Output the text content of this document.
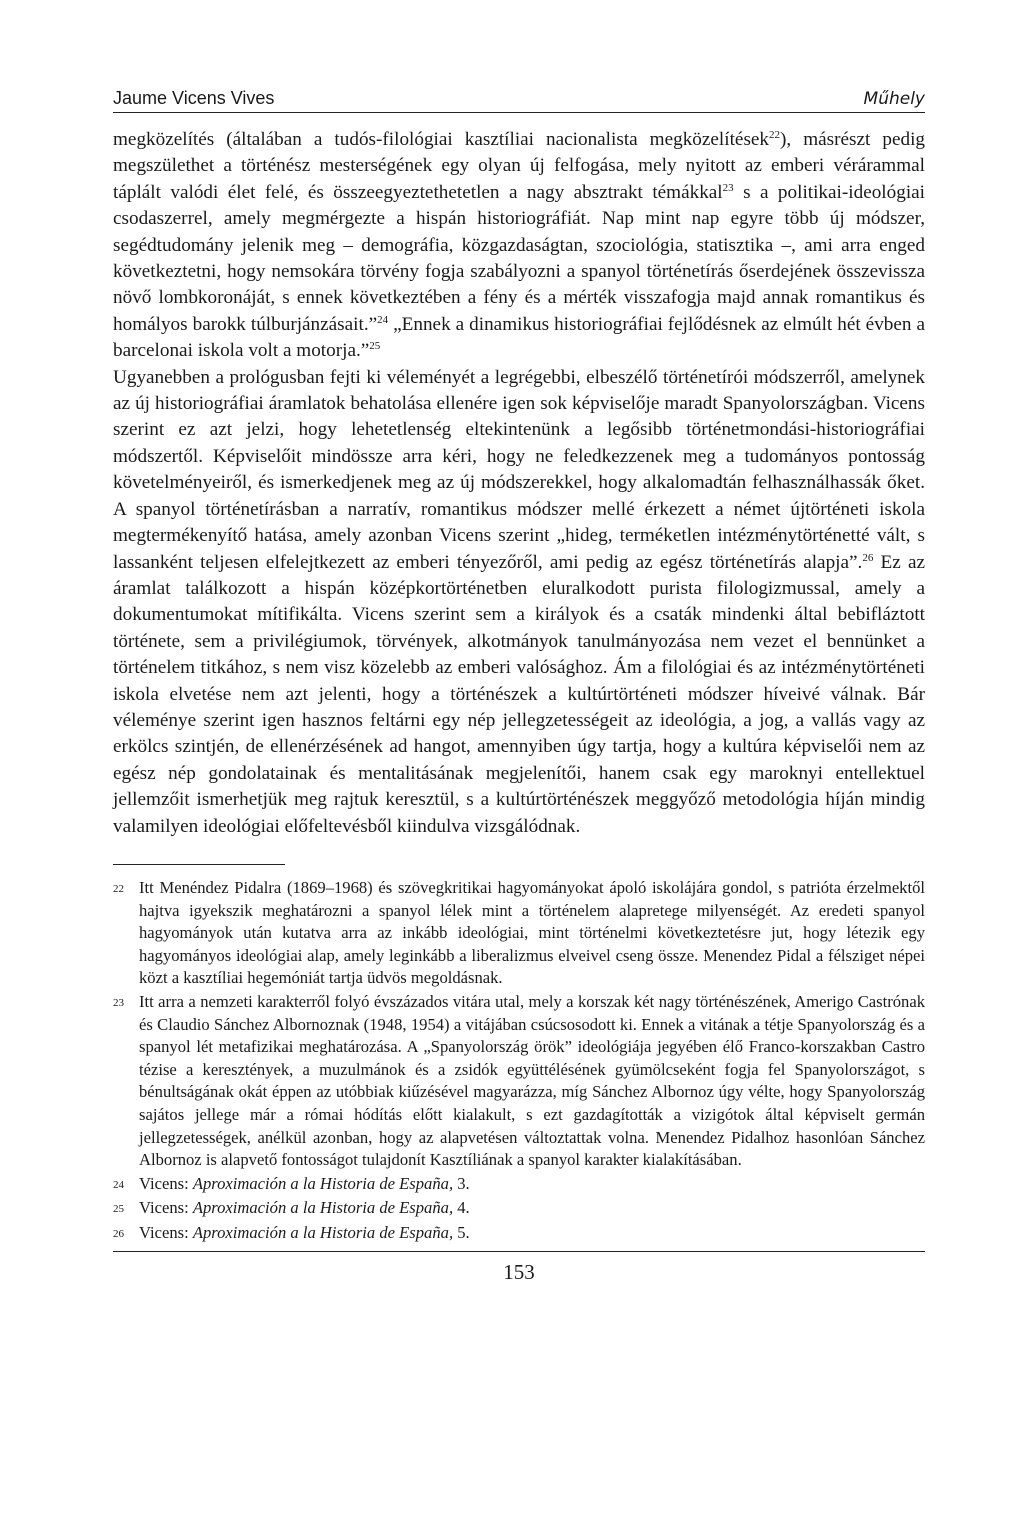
Jaume Vicens Vives	Műhely

megközelítés (általában a tudós-filológiai kasztíliai nacionalista megközelítések$^{22}$), másrészt pedig megszülethet a történész mesterségének egy olyan új felfogása, mely nyitott az emberi vérárammal táplált valódi élet felé, és összeegyeztethetetlen a nagy absztrakt témákkal$^{23}$ s a politikai-ideológiai csodaszerrel, amely megmérgezte a hispán historiográfiát. Nap mint nap egyre több új módszer, segédtudomány jelenik meg – demográfia, közgazdaságtan, szociológia, statisztika –, ami arra enged következtetni, hogy nemsokára törvény fogja szabályozni a spanyol történetírás őserdejének összevissza növő lombkoronáját, s ennek következtében a fény és a mérték visszafogja majd annak romantikus és homályos barokk túlburjánzásait.”$^{24}$ „Ennek a dinamikus historiográfiai fejlődésnek az elmúlt hét évben a barcelonai iskola volt a motorja.”$^{25}$

Ugyanebben a prológusban fejti ki véleményét a legrégebbi, elbeszélő történetírói módszerről, amelynek az új historiográfiai áramlatok behatolása ellenére igen sok képviselője maradt Spanyolországban. Vicens szerint ez azt jelzi, hogy lehetetlenség eltekintenünk a legősibb történetmondási-historiográfiai módszertől. Képviselőit mindössze arra kéri, hogy ne feledkezzenek meg a tudományos pontosság követelményeiről, és ismerkedjenek meg az új módszerekkel, hogy alkalomadtán felhasználhassák őket. A spanyol történetírásban a narratív, romantikus módszer mellé érkezett a német újtörténeti iskola megtermékenyítő hatása, amely azonban Vicens szerint „hideg, terméketlen intézménytörténetté vált, s lassanként teljesen elfelejtkezett az emberi tényezőről, ami pedig az egész történetírás alapja”.$^{26}$ Ez az áramlat találkozott a hispán középkortörténetben eluralkodott purista filologizmussal, amely a dokumentumokat mítifikálta. Vicens szerint sem a királyok és a csaták mindenki által bebifláztott története, sem a privilégiumok, törvények, alkotmányok tanulmányozása nem vezet el bennünket a történelem titkához, s nem visz közelebb az emberi valósághoz. Ám a filológiai és az intézménytörténeti iskola elvetése nem azt jelenti, hogy a történészek a kultúrtörténeti módszer híveivé válnak. Bár véleménye szerint igen hasznos feltárni egy nép jellegzetességeit az ideológia, a jog, a vallás vagy az erkölcs szintjén, de ellenérzésének ad hangot, amennyiben úgy tartja, hogy a kultúra képviselői nem az egész nép gondolatainak és mentalitásának megjelenítői, hanem csak egy maroknyi entellektuel jellemzőit ismerhetjük meg rajtuk keresztül, s a kultúrtörténészek meggyőző metodológia híján mindig valamilyen ideológiai előfeltevésből kiindulva vizsgálódnak.

22 Itt Menéndez Pidalra (1869–1968) és szövegkritikai hagyományokat ápoló iskolájára gondol, s patrióta érzelmektől hajtva igyekszik meghatározni a spanyol lélek mint a történelem alapretege milyenségét. Az eredeti spanyol hagyományok után kutatva arra az inkább ideológiai, mint történelmi következtetésre jut, hogy létezik egy hagyományos ideológiai alap, amely leginkább a liberalizmus elveivel cseng össze. Menendez Pidal a félsziget népei közt a kasztíliai hegemóniát tartja üdvös megoldásnak.
23 Itt arra a nemzeti karakterről folyó évszázados vitára utal, mely a korszak két nagy történészének, Amerigo Castrónak és Claudio Sánchez Albornoznak (1948, 1954) a vitájában csúcsosodott ki. Ennek a vitának a tétje Spanyolország és a spanyol lét metafizikai meghatározása. A „Spanyolország örök” ideológiája jegyében élő Franco-korszakban Castro tézise a keresztények, a muzulmánok és a zsidók együttélésének gyümölcseként fogja fel Spanyolországot, s bénultságának okát éppen az utóbbiak kiűzésével magyarázza, míg Sánchez Albornoz úgy vélte, hogy Spanyolország sajátos jellege már a római hódítás előtt kialakult, s ezt gazdagították a vizigótok által képviselt germán jellegzetességek, anélkül azonban, hogy az alapvetésen változtattak volna. Menendez Pidalhoz hasonlóan Sánchez Albornoz is alapvető fontosságot tulajdonít Kasztíliának a spanyol karakter kialakításában.
24 Vicens: Aproximación a la Historia de España, 3.
25 Vicens: Aproximación a la Historia de España, 4.
26 Vicens: Aproximación a la Historia de España, 5.
153
